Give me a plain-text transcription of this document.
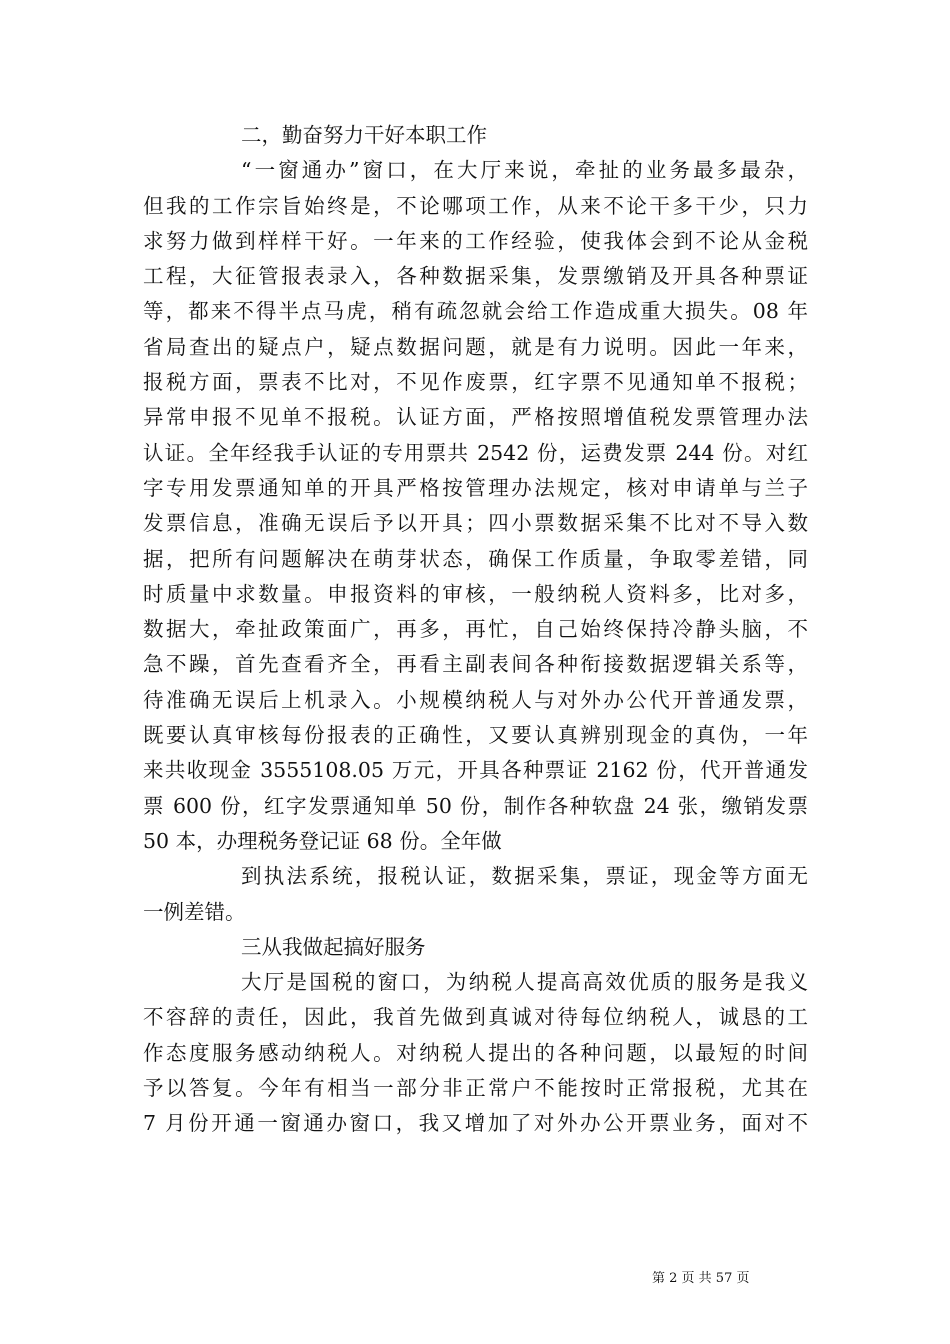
二，勤奋努力干好本职工作
“一窗通办”窗口，在大厅来说，牵扯的业务最多最杂，
但我的工作宗旨始终是，不论哪项工作，从来不论干多干少，只力
求努力做到样样干好。一年来的工作经验，使我体会到不论从金税
工程，大征管报表录入，各种数据采集，发票缴销及开具各种票证
等，都来不得半点马虎，稍有疏忽就会给工作造成重大损失。08 年
省局查出的疑点户，疑点数据问题，就是有力说明。因此一年来，
报税方面，票表不比对，不见作废票，红字票不见通知单不报税；
异常申报不见单不报税。认证方面，严格按照增值税发票管理办法
认证。全年经我手认证的专用票共 2542 份，运费发票 244 份。对红
字专用发票通知单的开具严格按管理办法规定，核对申请单与兰子
发票信息，准确无误后予以开具；四小票数据采集不比对不导入数
据，把所有问题解决在萌芽状态，确保工作质量，争取零差错，同
时质量中求数量。申报资料的审核，一般纳税人资料多，比对多，
数据大，牵扯政策面广，再多，再忙，自己始终保持冷静头脑，不
急不躁，首先查看齐全，再看主副表间各种衔接数据逻辑关系等，
待准确无误后上机录入。小规模纳税人与对外办公代开普通发票，
既要认真审核每份报表的正确性，又要认真辨别现金的真伪，一年
来共收现金 3555108.05 万元，开具各种票证 2162 份，代开普通发
票 600 份，红字发票通知单 50 份，制作各种软盘 24 张，缴销发票
50 本，办理税务登记证 68 份。全年做
到执法系统，报税认证，数据采集，票证，现金等方面无
一例差错。
三从我做起搞好服务
大厅是国税的窗口，为纳税人提高高效优质的服务是我义
不容辞的责任，因此，我首先做到真诚对待每位纳税人，诚恳的工
作态度服务感动纳税人。对纳税人提出的各种问题，以最短的时间
予以答复。今年有相当一部分非正常户不能按时正常报税，尤其在
7 月份开通一窗通办窗口，我又增加了对外办公开票业务，面对不
第 2 页 共 57 页
